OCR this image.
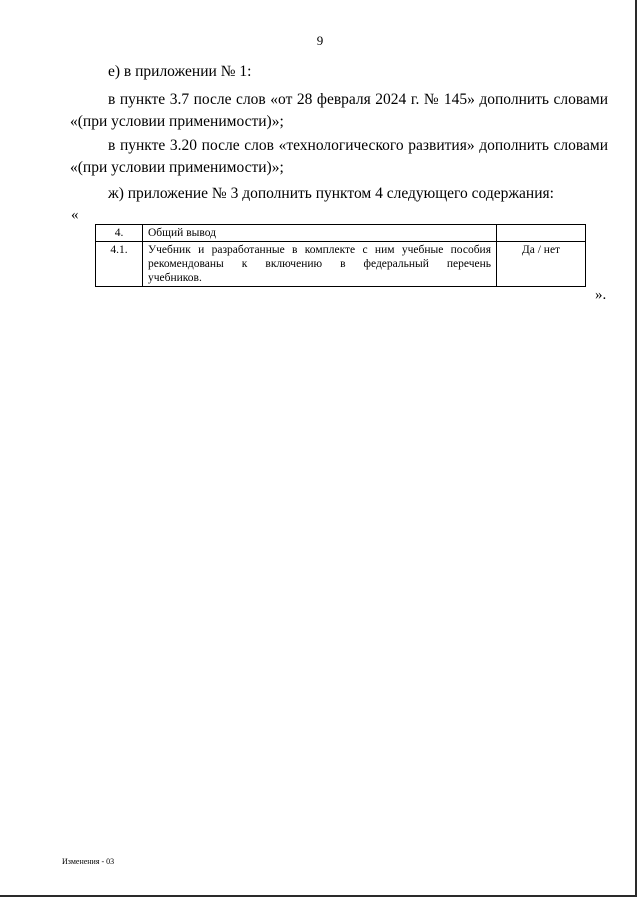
9
е) в приложении № 1:
в пункте 3.7 после слов «от 28 февраля 2024 г. № 145» дополнить словами
«(при условии применимости)»;
в пункте 3.20 после слов «технологического развития» дополнить словами
«(при условии применимости)»;
ж) приложение № 3 дополнить пунктом 4 следующего содержания:
«
4.	Общий вывод	

4.1.	Учебник и разработанные в комплекте с ним учебные пособия
рекомендованы к включению в федеральный перечень
учебников.	Да / нет
».
Изменения - 03
